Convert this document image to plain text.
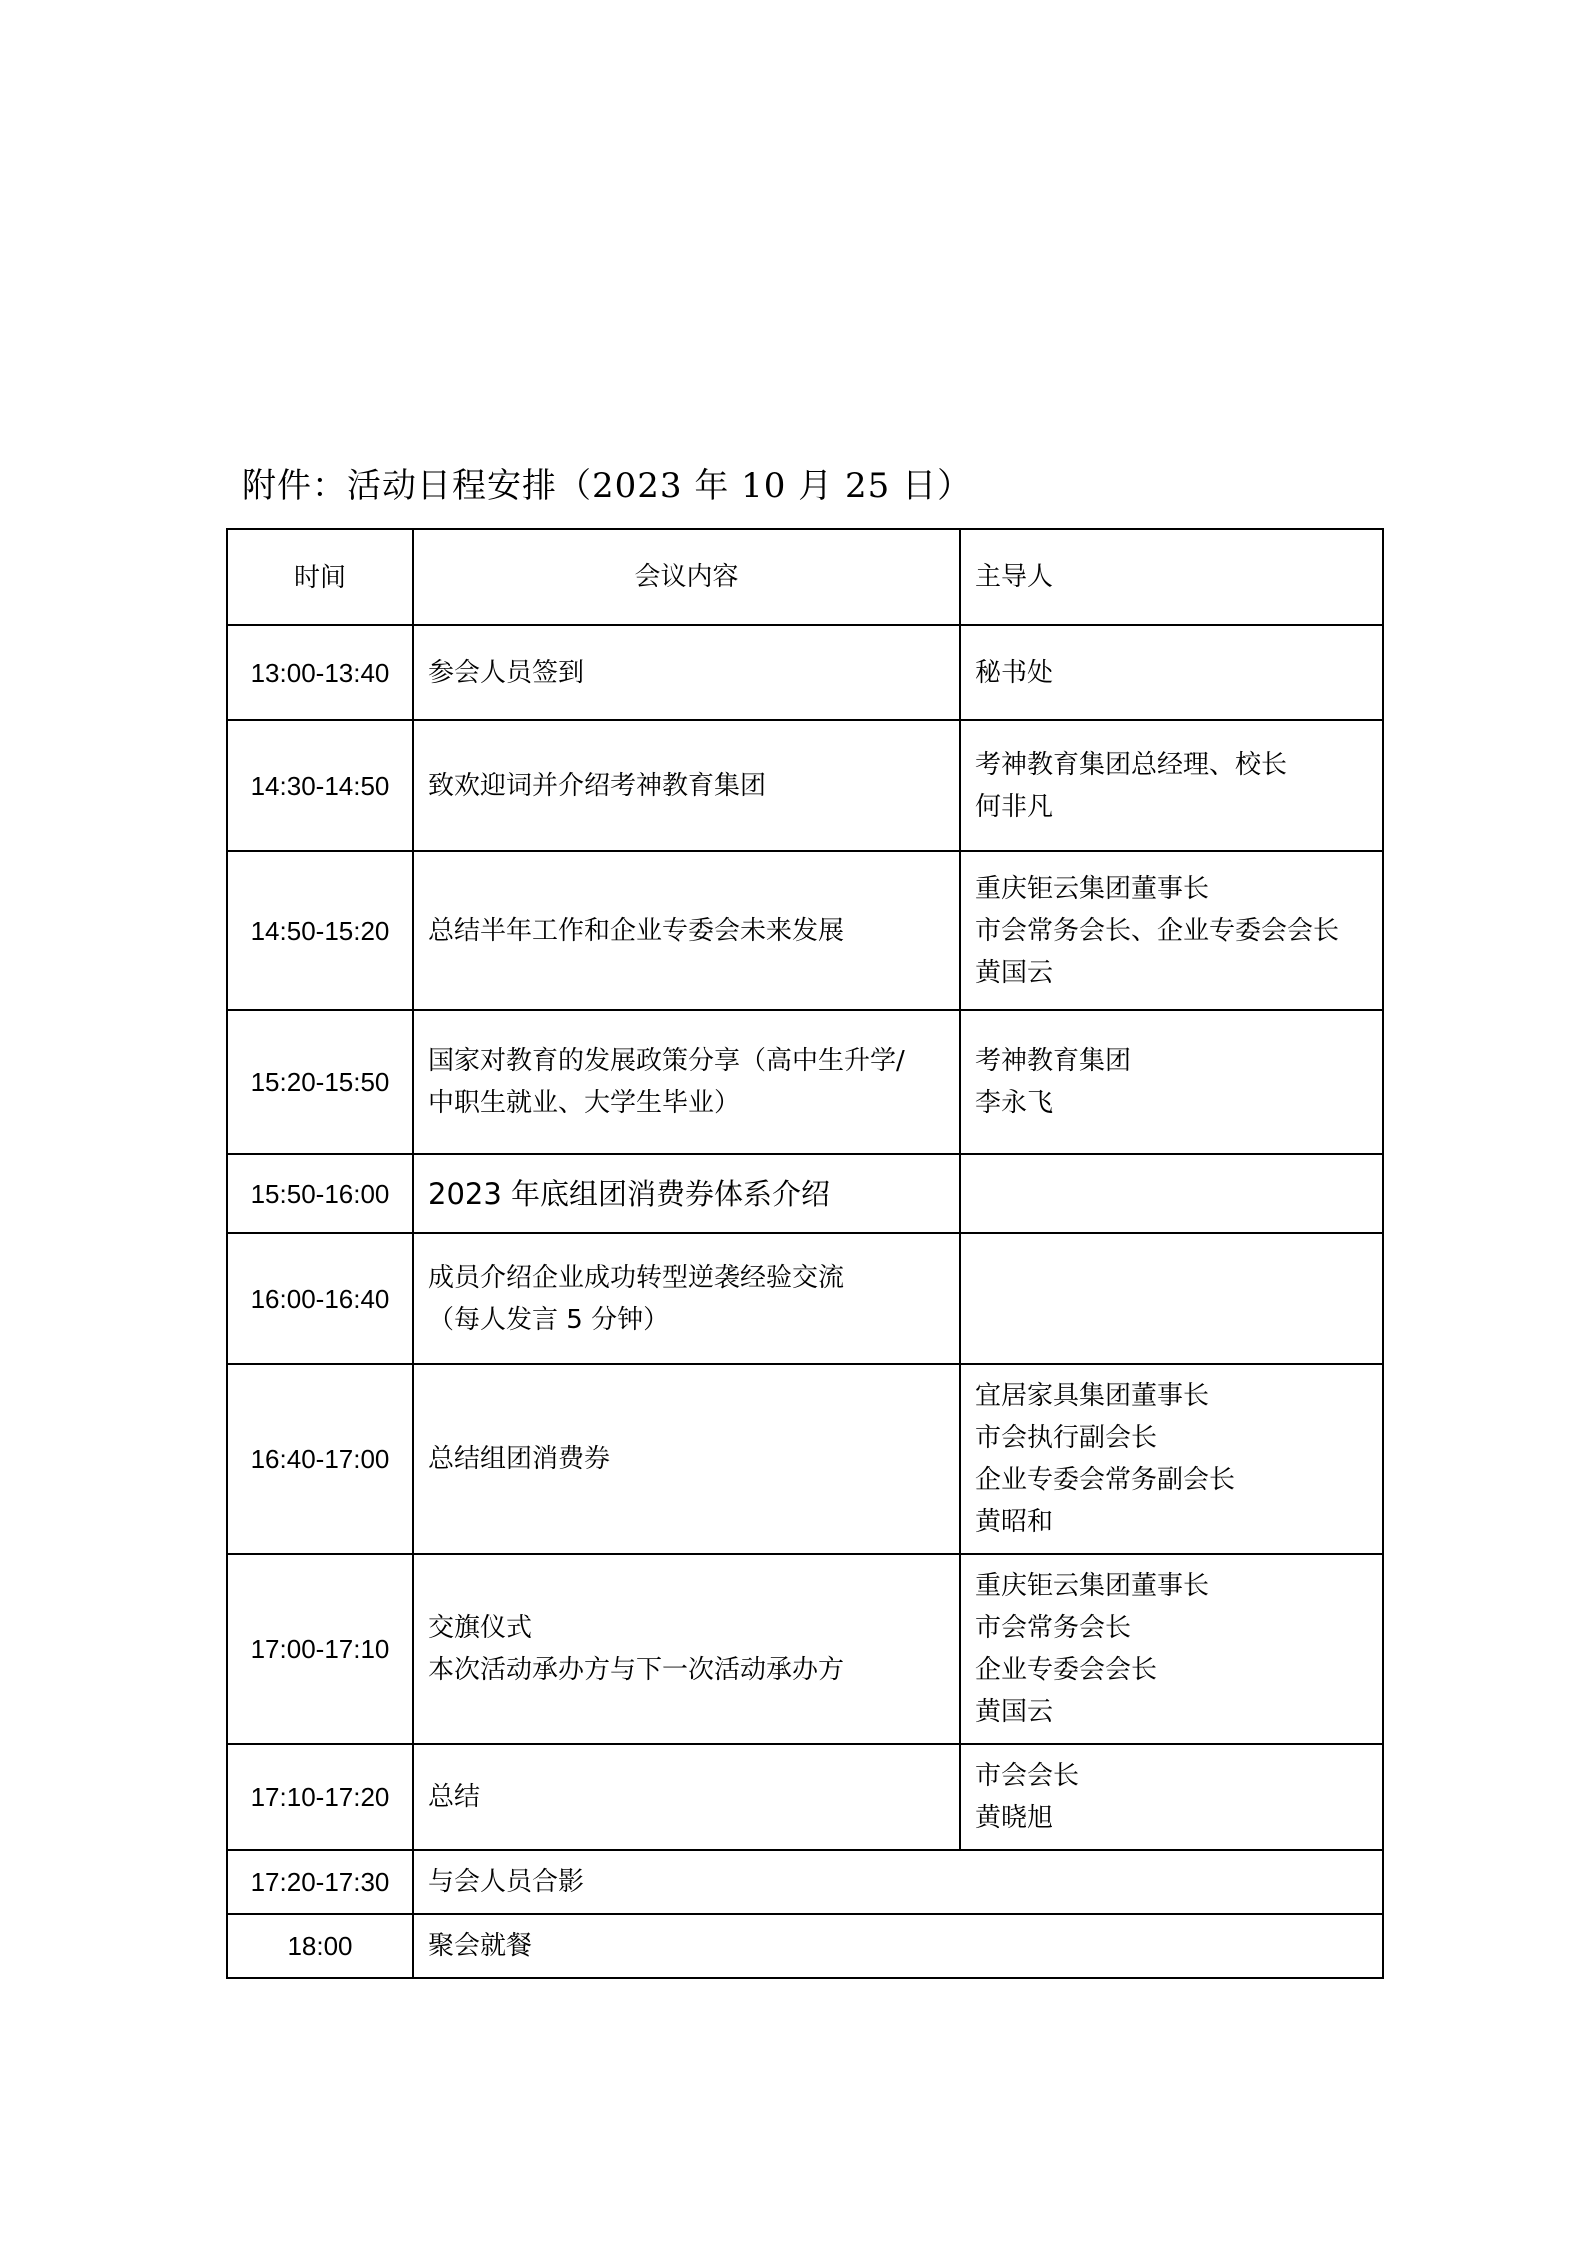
附件：活动日程安排（2023 年 10 月 25 日）
时间	会议内容	主导人
13:00-13:40	参会人员签到	秘书处

14:30-14:50	致欢迎词并介绍考神教育集团	考神教育集团总经理、校长
何非凡

14:50-15:20	总结半年工作和企业专委会未来发展	重庆钜云集团董事长
市会常务会长、企业专委会会长
黄国云

15:20-15:50	国家对教育的发展政策分享（高中生升学/
中职生就业、大学生毕业）	考神教育集团
李永飞

15:50-16:00	2023 年底组团消费券体系介绍	

16:00-16:40	成员介绍企业成功转型逆袭经验交流
（每人发言 5 分钟）	

16:40-17:00	总结组团消费券	宜居家具集团董事长
市会执行副会长
企业专委会常务副会长
黄昭和

17:00-17:10	交旗仪式
本次活动承办方与下一次活动承办方	重庆钜云集团董事长
市会常务会长
企业专委会会长
黄国云

17:10-17:20	总结	市会会长
黄晓旭

17:20-17:30	与会人员合影	

18:00	聚会就餐	
